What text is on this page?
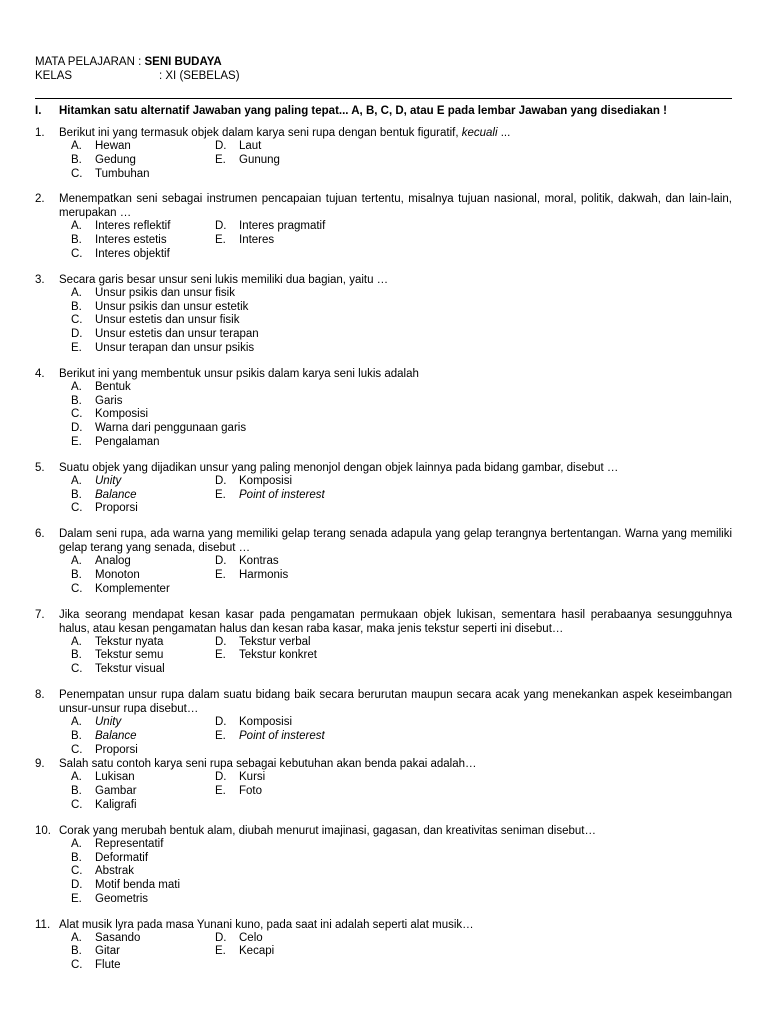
MATA PELAJARAN : SENI BUDAYA
KELAS	: XI (SEBELAS)
I. Hitamkan satu alternatif Jawaban yang paling tepat... A, B, C, D, atau E pada lembar Jawaban yang disediakan !
1.	Berikut ini yang termasuk objek dalam karya seni rupa dengan bentuk figuratif, kecuali ...
A.	Hewan	D.	Laut
B.	Gedung	E.	Gunung
C.	Tumbuhan
2.	Menempatkan seni sebagai instrumen pencapaian tujuan tertentu, misalnya tujuan nasional, moral, politik, dakwah, dan lain-lain, merupakan …
A.	Interes reflektif	D.	Interes pragmatif
B.	Interes estetis	E.	Interes
C.	Interes objektif
3.	Secara garis besar unsur seni lukis memiliki dua bagian, yaitu …
A.	Unsur psikis dan unsur fisik
B.	Unsur psikis dan unsur estetik
C.	Unsur estetis dan unsur fisik
D.	Unsur estetis dan unsur terapan
E.	Unsur terapan dan unsur psikis
4.	Berikut ini yang membentuk unsur psikis dalam karya seni lukis adalah
A.	Bentuk
B.	Garis
C.	Komposisi
D.	Warna dari penggunaan garis
E.	Pengalaman
5.	Suatu objek yang dijadikan unsur yang paling menonjol dengan objek lainnya pada bidang gambar, disebut …
A.	Unity	D.	Komposisi
B.	Balance	E.	Point of insterest
C.	Proporsi
6.	Dalam seni rupa, ada warna yang memiliki gelap terang senada adapula yang gelap terangnya bertentangan. Warna yang memiliki gelap terang yang senada, disebut …
A.	Analog	D.	Kontras
B.	Monoton	E.	Harmonis
C.	Komplementer
7.	Jika seorang mendapat kesan kasar pada pengamatan permukaan objek lukisan, sementara hasil perabaanya sesungguhnya halus, atau kesan pengamatan halus dan kesan raba kasar, maka jenis tekstur seperti ini disebut…
A.	Tekstur nyata	D.	Tekstur verbal
B.	Tekstur semu	E.	Tekstur konkret
C.	Tekstur visual
8.	Penempatan unsur rupa dalam suatu bidang baik secara berurutan maupun secara acak yang menekankan aspek keseimbangan unsur-unsur rupa disebut…
A.	Unity	D.	Komposisi
B.	Balance	E.	Point of insterest
C.	Proporsi
9.	Salah satu contoh karya seni rupa sebagai kebutuhan akan benda pakai adalah…
A.	Lukisan	D.	Kursi
B.	Gambar	E.	Foto
C.	Kaligrafi
10. Corak yang merubah bentuk alam, diubah menurut imajinasi, gagasan, dan kreativitas seniman disebut…
A.	Representatif
B.	Deformatif
C.	Abstrak
D.	Motif benda mati
E.	Geometris
11. Alat musik lyra pada masa Yunani kuno, pada saat ini adalah seperti alat musik…
A.	Sasando	D.	Celo
B.	Gitar	E.	Kecapi
C.	Flute
